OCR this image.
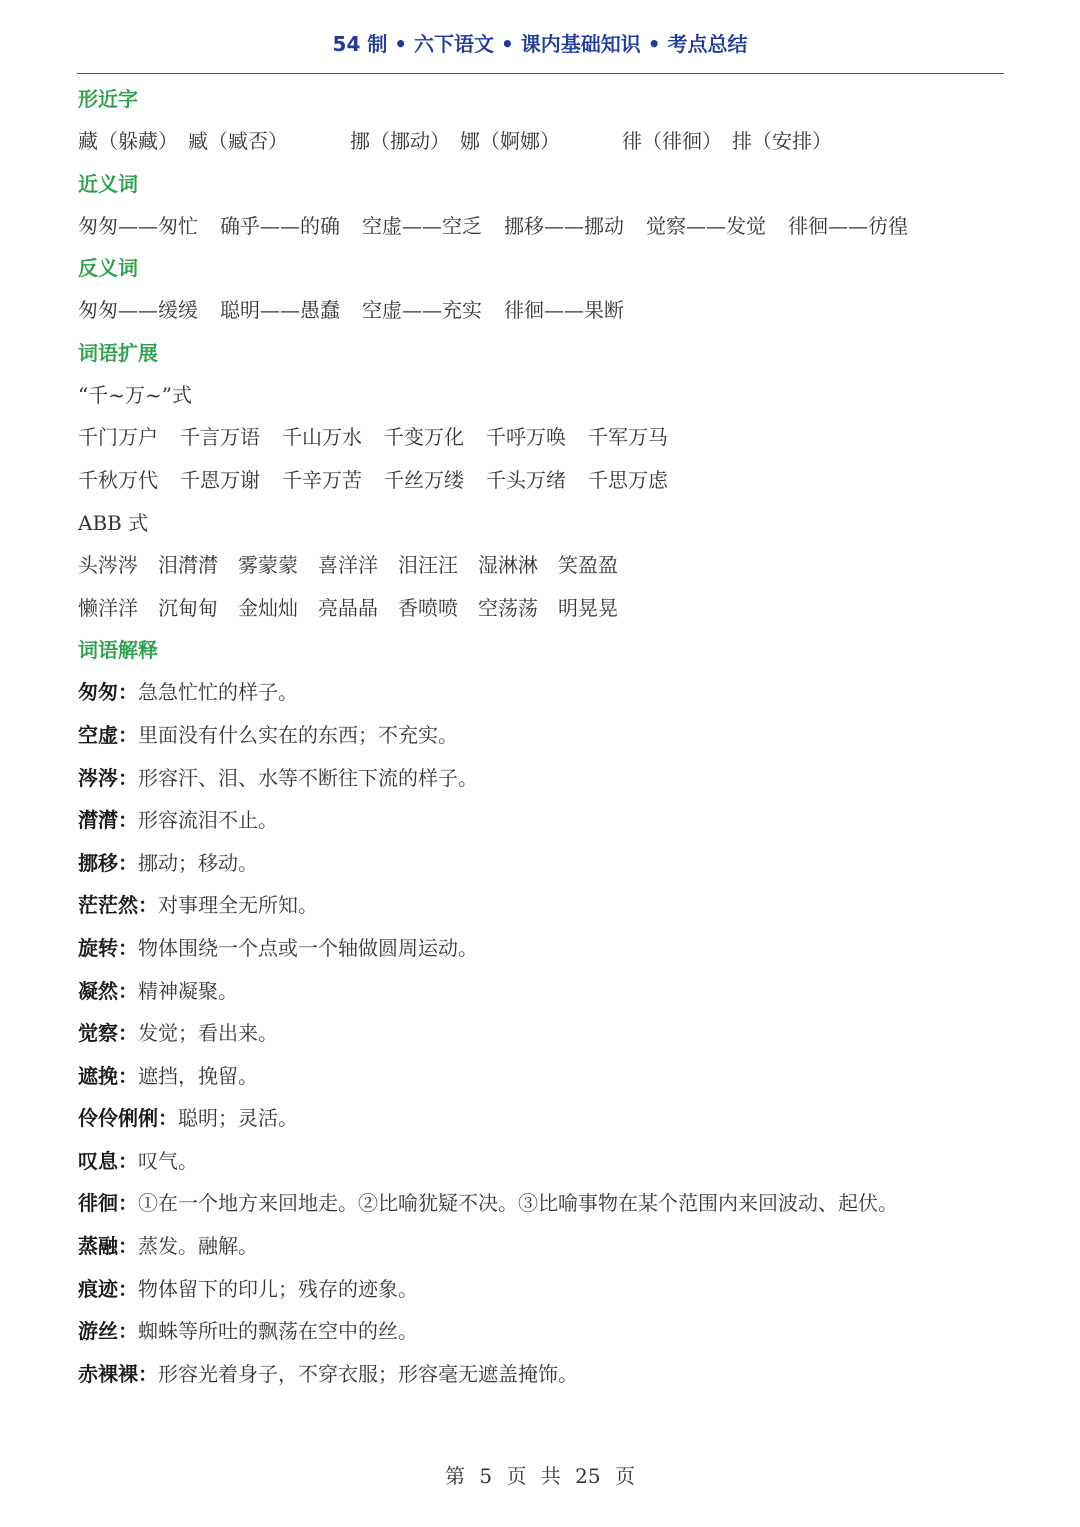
54 制 • 六下语文 • 课内基础知识 • 考点总结
形近字
藏（躲藏） 臧（臧否）	挪（挪动） 娜（婀娜）	徘（徘徊） 排（安排）
近义词
匆匆——匆忙 确乎——的确 空虚——空乏 挪移——挪动 觉察——发觉 徘徊——彷徨
反义词
匆匆——缓缓 聪明——愚蠢 空虚——充实 徘徊——果断
词语扩展
“千~万~”式
千门万户 千言万语 千山万水 千变万化 千呼万唤 千军万马
千秋万代 千恩万谢 千辛万苦 千丝万缕 千头万绪 千思万虑
ABB 式
头涔涔 泪潸潸 雾蒙蒙 喜洋洋 泪汪汪 湿淋淋 笑盈盈
懒洋洋 沉甸甸 金灿灿 亮晶晶 香喷喷 空荡荡 明晃晃
词语解释
匆匆：急急忙忙的样子。
空虚：里面没有什么实在的东西；不充实。
涔涔：形容汗、泪、水等不断往下流的样子。
潸潸：形容流泪不止。
挪移：挪动；移动。
茫茫然：对事理全无所知。
旋转：物体围绕一个点或一个轴做圆周运动。
凝然：精神凝聚。
觉察：发觉；看出来。
遮挽：遮挡，挽留。
伶伶俐俐：聪明；灵活。
叹息：叹气。
徘徊：①在一个地方来回地走。②比喻犹疑不决。③比喻事物在某个范围内来回波动、起伏。
蒸融：蒸发。融解。
痕迹：物体留下的印儿；残存的迹象。
游丝：蜘蛛等所吐的飘荡在空中的丝。
赤裸裸：形容光着身子，不穿衣服；形容毫无遮盖掩饰。
第 5 页 共 25 页
